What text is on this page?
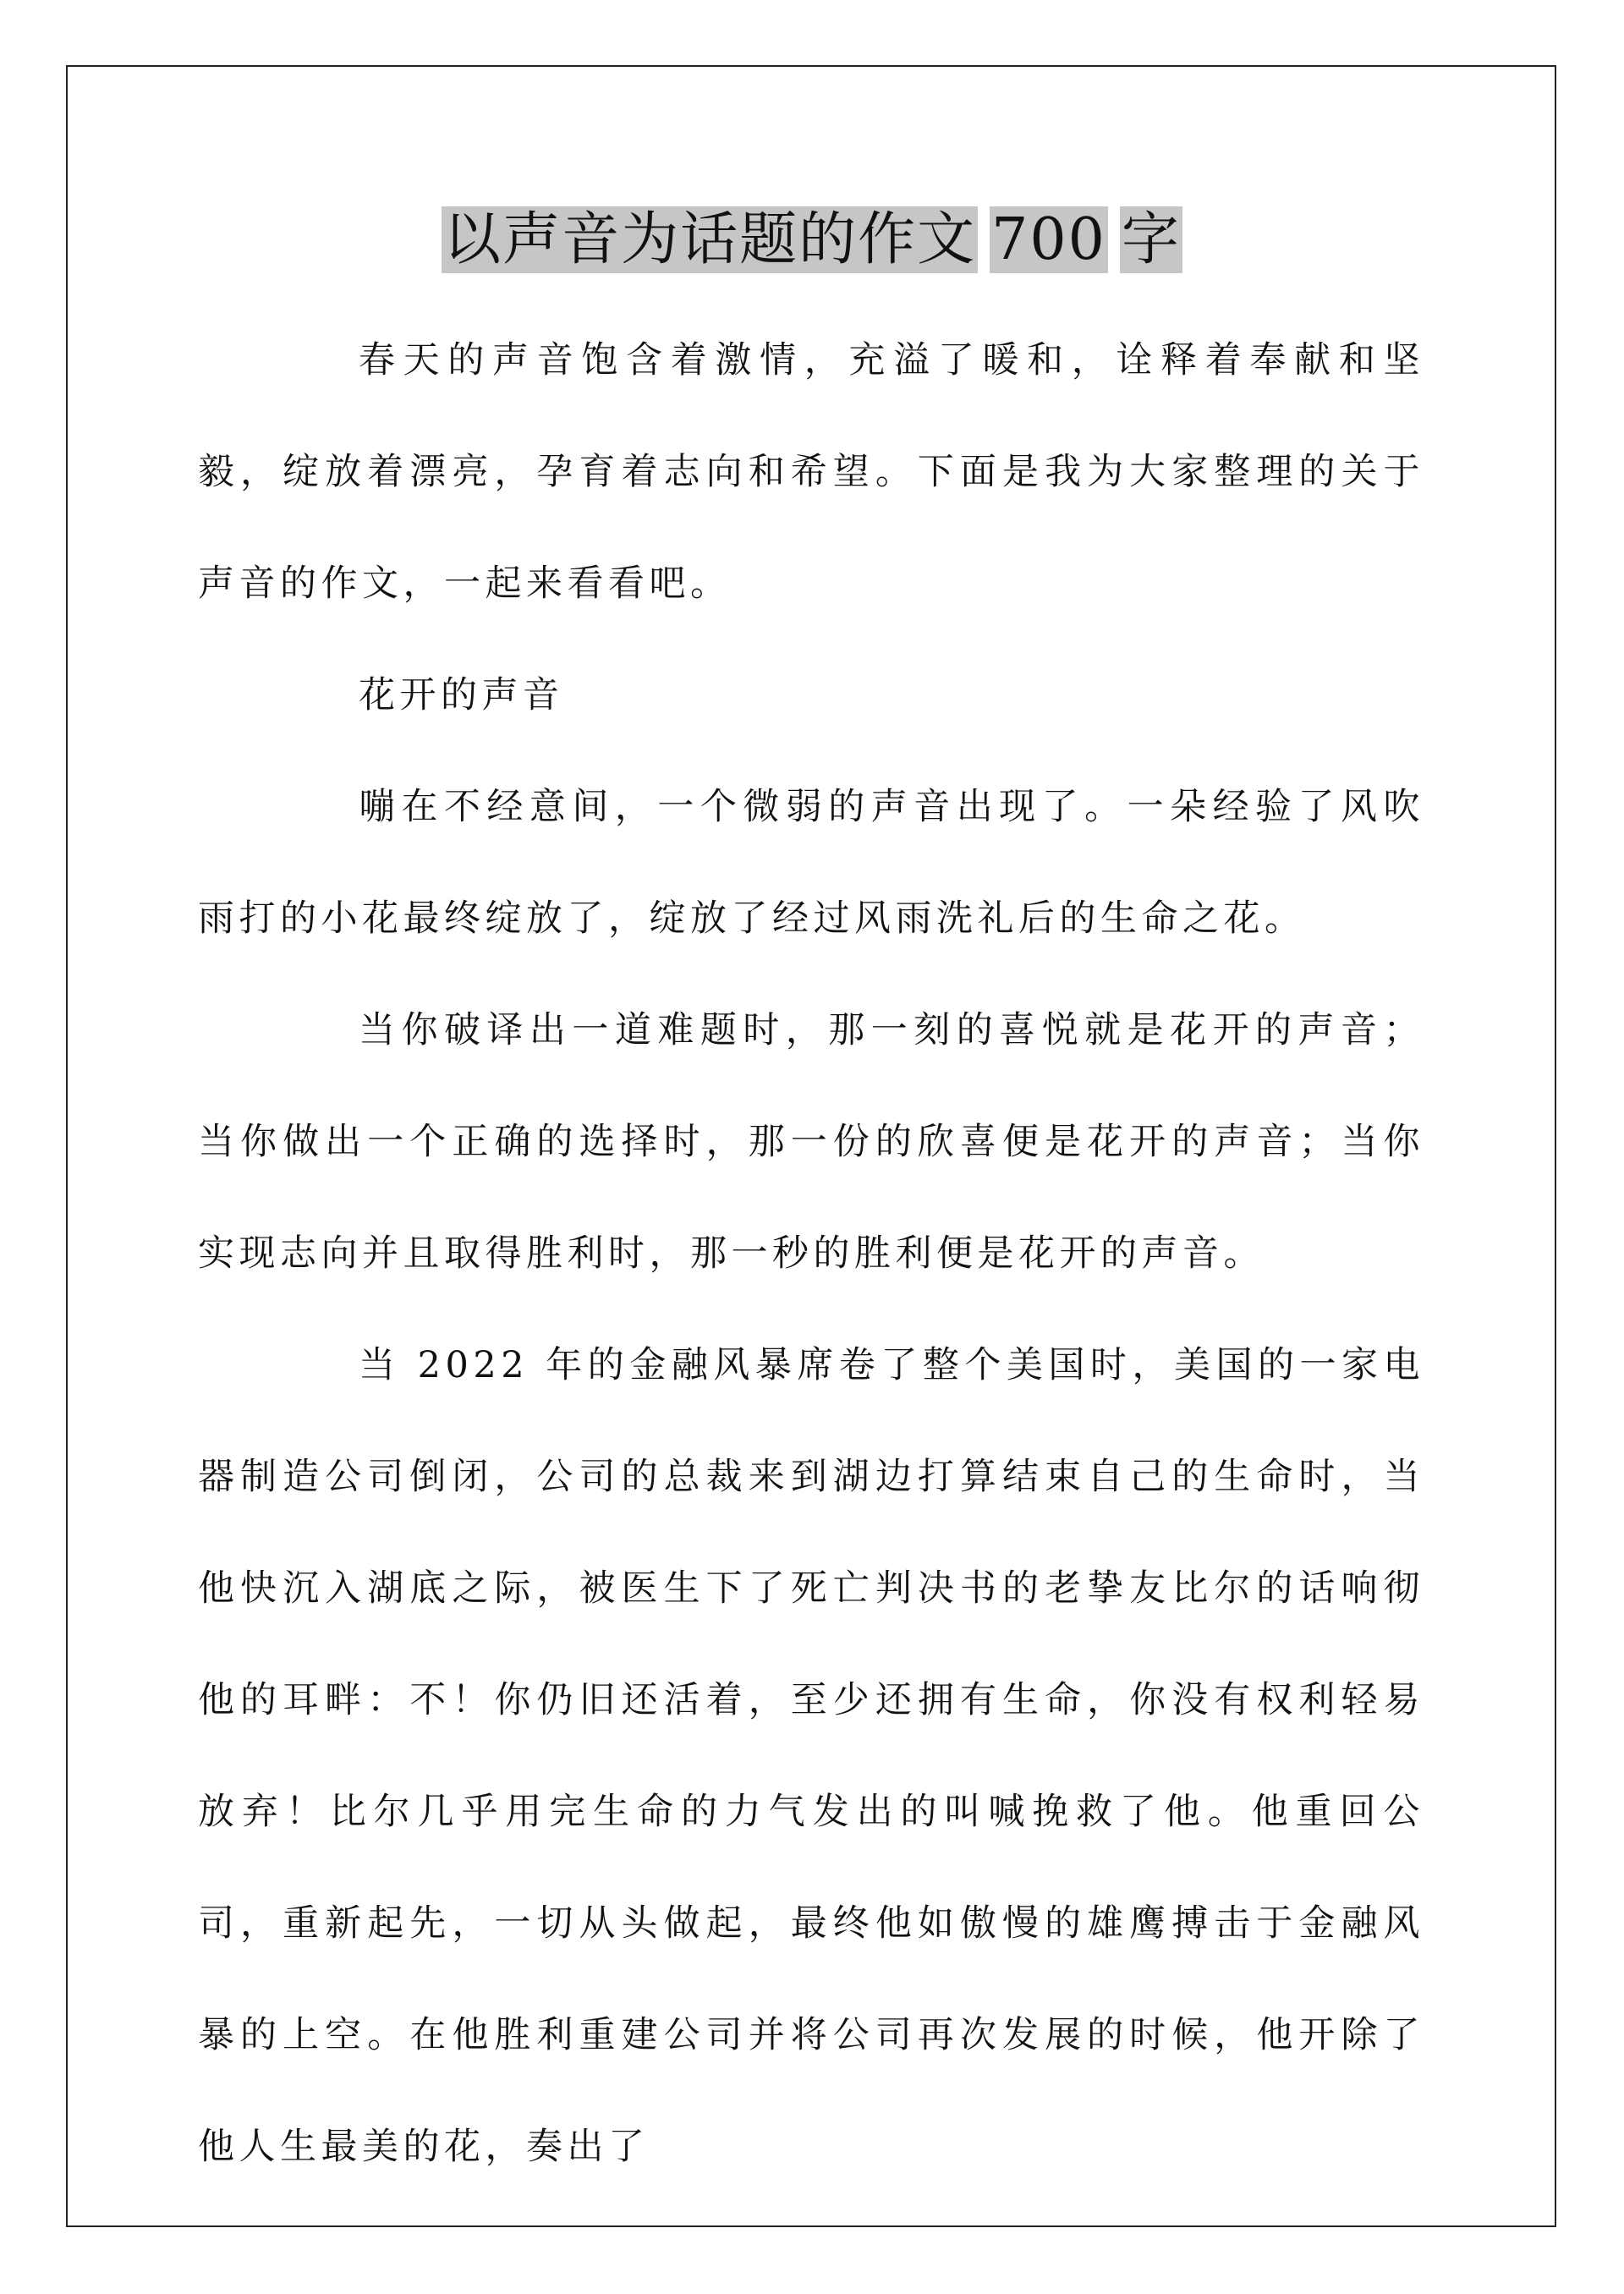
以声音为话题的作文 700 字

春天的声音饱含着激情，充溢了暖和，诠释着奉献和坚毅，绽放着漂亮，孕育着志向和希望。下面是我为大家整理的关于声音的作文，一起来看看吧。

花开的声音

嘣在不经意间，一个微弱的声音出现了。一朵经验了风吹雨打的小花最终绽放了，绽放了经过风雨洗礼后的生命之花。

当你破译出一道难题时，那一刻的喜悦就是花开的声音；当你做出一个正确的选择时，那一份的欣喜便是花开的声音；当你实现志向并且取得胜利时，那一秒的胜利便是花开的声音。

当 2022 年的金融风暴席卷了整个美国时，美国的一家电器制造公司倒闭，公司的总裁来到湖边打算结束自己的生命时，当他快沉入湖底之际，被医生下了死亡判决书的老挚友比尔的话响彻他的耳畔：不！你仍旧还活着，至少还拥有生命，你没有权利轻易放弃！比尔几乎用完生命的力气发出的叫喊挽救了他。他重回公司，重新起先，一切从头做起，最终他如傲慢的雄鹰搏击于金融风暴的上空。在他胜利重建公司并将公司再次发展的时候，他开除了他人生最美的花，奏出了
